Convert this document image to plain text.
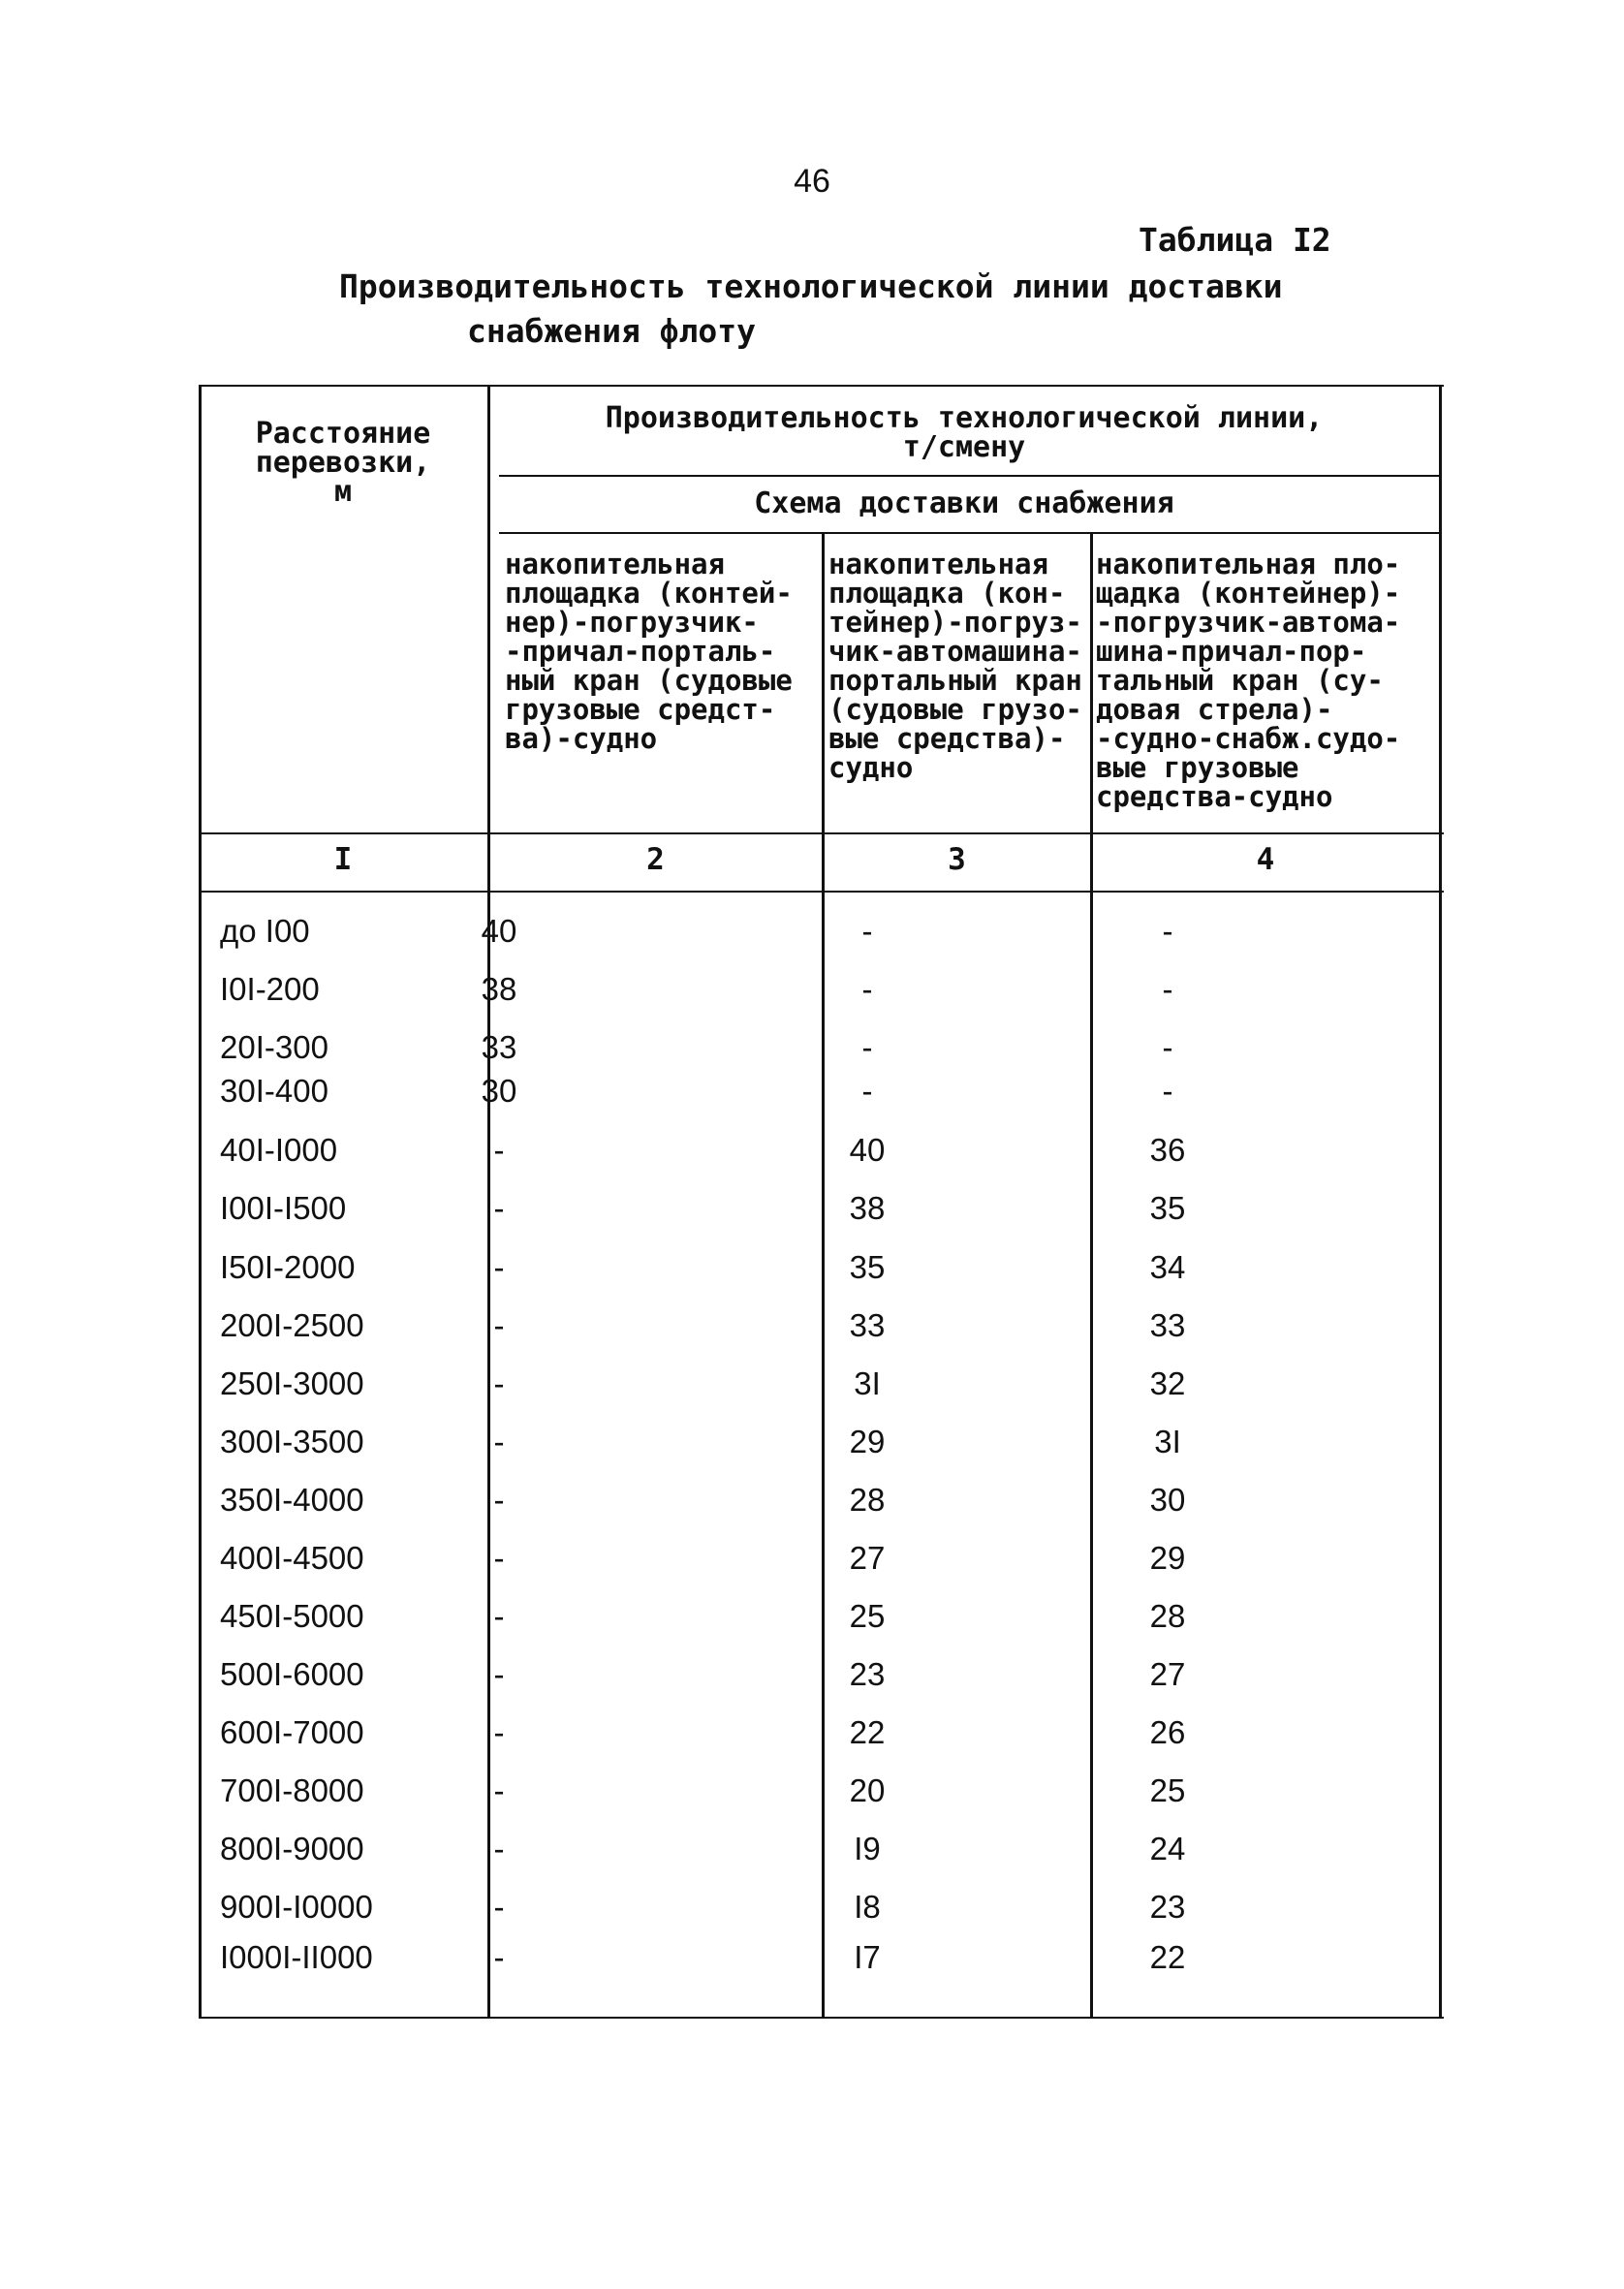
46
Таблица I2
Производительность технологической линии доставки
снабжения флоту
Расстояние
перевозки,
м
Производительность технологической линии,
т/смену
Схема доставки снабжения
накопительная
площадка (контей-
нер)-погрузчик-
-причал-порталь-
ный кран (судовые
грузовые средст-
ва)-судно
накопительная
площадка (кон-
тейнер)-погруз-
чик-автомашина-
портальный кран
(судовые грузо-
вые средства)-
судно
накопительная пло-
щадка (контейнер)-
-погрузчик-автома-
шина-причал-пор-
тальный кран (су-
довая стрела)-
-судно-снабж.судо-
вые грузовые
средства-судно
I	2	3	4
до I00	40	-	-
I0I-200	38	-	-
20I-300	33	-	-
30I-400	30	-	-
40I-I000	-	40	36
I00I-I500	-	38	35
I50I-2000	-	35	34
200I-2500	-	33	33
250I-3000	-	3I	32
300I-3500	-	29	3I
350I-4000	-	28	30
400I-4500	-	27	29
450I-5000	-	25	28
500I-6000	-	23	27
600I-7000	-	22	26
700I-8000	-	20	25
800I-9000	-	I9	24
900I-I0000	-	I8	23
I000I-II000	-	I7	22
